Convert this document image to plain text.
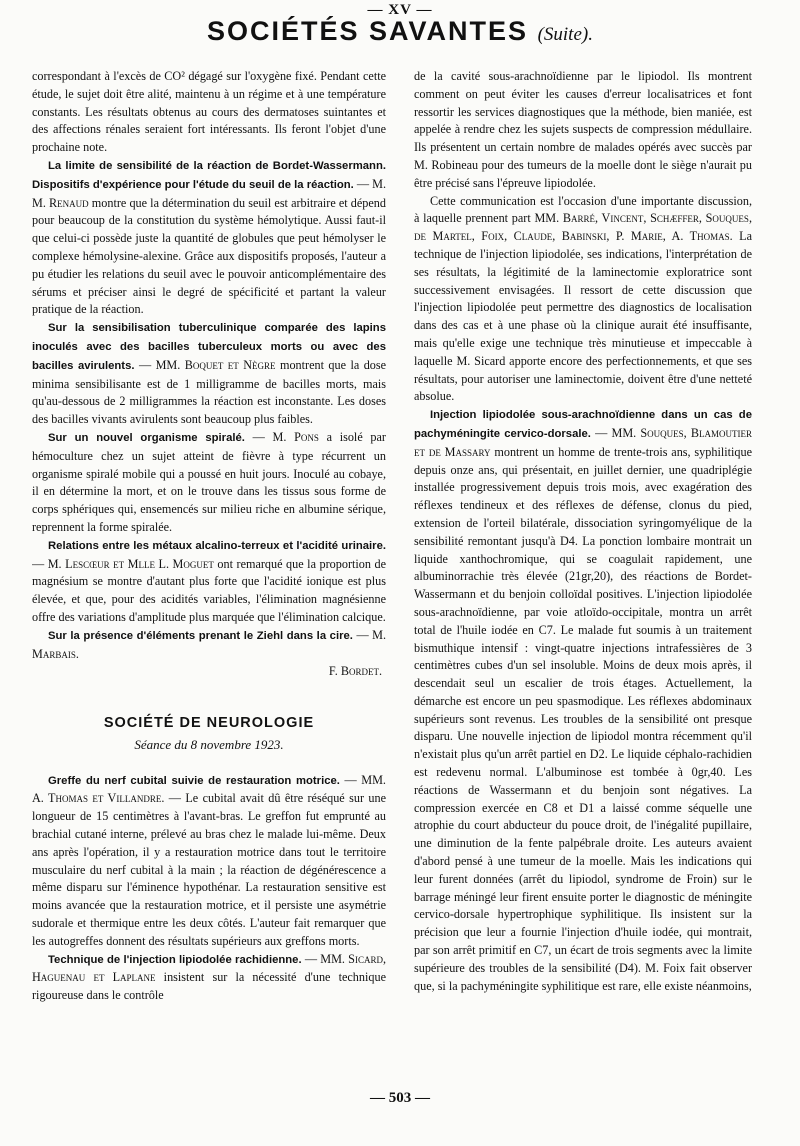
— XV —
SOCIÉTÉS SAVANTES (Suite).

correspondant à l'excès de CO² dégagé sur l'oxygène fixé. Pendant cette étude, le sujet doit être alité, maintenu à un régime et à une température constants. Les résultats obtenus au cours des dermatoses suintantes et des affections rénales seraient fort intéressants. Ils feront l'objet d'une prochaine note.

La limite de sensibilité de la réaction de Bordet-Wassermann. Dispositifs d'expérience pour l'étude du seuil de la réaction. — M. M. Renaud montre que la détermination du seuil est arbitraire et dépend pour beaucoup de la constitution du système hémolytique. Aussi faut-il que celui-ci possède juste la quantité de globules que peut hémolyser le complexe hémolysine-alexine. Grâce aux dispositifs proposés, l'auteur a pu étudier les relations du seuil avec le pouvoir anticomplémentaire des sérums et préciser ainsi le degré de spécificité et partant la valeur pratique de la réaction.

Sur la sensibilisation tuberculinique comparée des lapins inoculés avec des bacilles tuberculeux morts ou avec des bacilles avirulents. — MM. Boquet et Nègre montrent que la dose minima sensibilisante est de 1 milligramme de bacilles morts, mais qu'au-dessous de 2 milligrammes la réaction est inconstante. Les doses des bacilles vivants avirulents sont beaucoup plus faibles.

Sur un nouvel organisme spiralé. — M. Pons a isolé par hémoculture chez un sujet atteint de fièvre à type récurrent un organisme spiralé mobile qui a poussé en huit jours. Inoculé au cobaye, il en détermine la mort, et on le trouve dans les tissus sous forme de corps sphériques qui, ensemencés sur milieu riche en albumine sérique, reprennent la forme spiralée.

Relations entre les métaux alcalino-terreux et l'acidité urinaire. — M. Lescœur et Mlle L. Moguet ont remarqué que la proportion de magnésium se montre d'autant plus forte que l'acidité ionique est plus élevée, et que, pour des acidités variables, l'élimination magnésienne offre des variations d'amplitude plus marquée que l'élimination calcique.

Sur la présence d'éléments prenant le Ziehl dans la cire. — M. Marbais.

F. Bordet.

SOCIÉTÉ DE NEUROLOGIE
Séance du 8 novembre 1923.

Greffe du nerf cubital suivie de restauration motrice. — MM. A. Thomas et Villandre. — Le cubital avait dû être réséqué sur une longueur de 15 centimètres à l'avant-bras. Le greffon fut emprunté au brachial cutané interne, prélevé au bras chez le malade lui-même. Deux ans après l'opération, il y a restauration motrice dans tout le territoire musculaire du nerf cubital à la main ; la réaction de dégénérescence a même disparu sur l'éminence hypothénar. La restauration sensitive est moins avancée que la restauration motrice, et il persiste une asymétrie sudorale et thermique entre les deux côtés. L'auteur fait remarquer que les autogreffes donnent des résultats supérieurs aux greffons morts.

Technique de l'injection lipiodolée rachidienne. — MM. Sicard, Haguenau et Laplane insistent sur la nécessité d'une technique rigoureuse dans le contrôle

de la cavité sous-arachnoïdienne par le lipiodol. Ils montrent comment on peut éviter les causes d'erreur localisatrices et font ressortir les services diagnostiques que la méthode, bien maniée, est appelée à rendre chez les sujets suspects de compression médullaire. Ils présentent un certain nombre de malades opérés avec succès par M. Robineau pour des tumeurs de la moelle dont le siège n'aurait pu être précisé sans l'épreuve lipiodolée.

Cette communication est l'occasion d'une importante discussion, à laquelle prennent part MM. Barré, Vincent, Schæffer, Souques, de Martel, Foix, Claude, Babinski, P. Marie, A. Thomas. La technique de l'injection lipiodolée, ses indications, l'interprétation de ses résultats, la légitimité de la laminectomie exploratrice sont successivement envisagées. Il ressort de cette discussion que l'injection lipiodolée peut permettre des diagnostics de localisation dans des cas et à une phase où la clinique aurait été insuffisante, mais qu'elle exige une technique très minutieuse et impeccable à laquelle M. Sicard apporte encore des perfectionnements, et que ses résultats, pour autoriser une laminectomie, doivent être d'une netteté absolue.

Injection lipiodolée sous-arachnoïdienne dans un cas de pachyméningite cervico-dorsale. — MM. Souques, Blamoutier et de Massary montrent un homme de trente-trois ans, syphilitique depuis onze ans, qui présentait, en juillet dernier, une quadriplégie installée progressivement depuis trois mois, avec exagération des réflexes tendineux et des réflexes de défense, clonus du pied, extension de l'orteil bilatérale, dissociation syringomyélique de la sensibilité remontant jusqu'à D4. La ponction lombaire montrait un liquide xanthochromique, qui se coagulait rapidement, une albuminorrachie très élevée (21gr,20), des réactions de Bordet-Wassermann et du benjoin colloïdal positives. L'injection lipiodolée sous-arachnoïdienne, par voie atloïdo-occipitale, montra un arrêt total de l'huile iodée en C7. Le malade fut soumis à un traitement bismuthique intensif : vingt-quatre injections intrafessières de 3 centimètres cubes d'un sel insoluble. Moins de deux mois après, il descendait seul un escalier de trois étages. Actuellement, la démarche est encore un peu spasmodique. Les réflexes abdominaux supérieurs sont revenus. Les troubles de la sensibilité ont presque disparu. Une nouvelle injection de lipiodol montra récemment qu'il n'existait plus qu'un arrêt partiel en D2. Le liquide céphalo-rachidien est redevenu normal. L'albuminose est tombée à 0gr,40. Les réactions de Wassermann et du benjoin sont négatives. La compression exercée en C8 et D1 a laissé comme séquelle une atrophie du court abducteur du pouce droit, de l'inégalité pupillaire, une diminution de la fente palpébrale droite. Les auteurs avaient d'abord pensé à une tumeur de la moelle. Mais les indications qui leur furent données (arrêt du lipiodol, syndrome de Froin) sur le barrage méningé leur firent ensuite porter le diagnostic de méningite cervico-dorsale hypertrophique syphilitique. Ils insistent sur la précision que leur a fournie l'injection d'huile iodée, qui montrait, par son arrêt primitif en C7, un écart de trois segments avec la limite supérieure des troubles de la sensibilité (D4). M. Foix fait observer que, si la pachyméningite syphilitique est rare, elle existe néanmoins,

— 503 —
